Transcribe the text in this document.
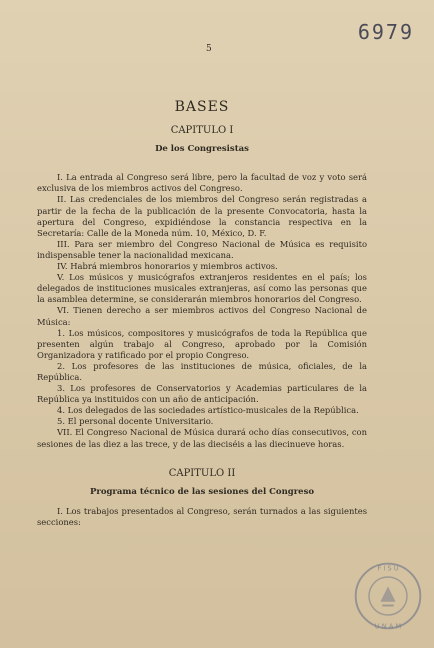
6979
5
BASES
CAPITULO I
De los Congresistas

I. La entrada al Congreso será libre, pero la facultad de voz y voto será exclusiva de los miembros activos del Congreso.

II. Las credenciales de los miembros del Congreso serán registradas a partir de la fecha de la publicación de la presente Convocatoria, hasta la apertura del Congreso, expidiéndose la constancia respectiva en la Secretaría: Calle de la Moneda núm. 10, México, D. F.

III. Para ser miembro del Congreso Nacional de Música es requisito indispensable tener la nacionalidad mexicana.

IV. Habrá miembros honorarios y miembros activos.

V. Los músicos y musicógrafos extranjeros residentes en el país; los delegados de instituciones musicales extranjeras, así como las personas que la asamblea determine, se considerarán miembros honorarios del Congreso.

VI. Tienen derecho a ser miembros activos del Congreso Nacional de Música:

1. Los músicos, compositores y musicógrafos de toda la República que presenten algún trabajo al Congreso, aprobado por la Comisión Organizadora y ratificado por el propio Congreso.

2. Los profesores de las instituciones de música, oficiales, de la República.

3. Los profesores de Conservatorios y Academias particulares de la República ya instituidos con un año de anticipación.

4. Los delegados de las sociedades artístico-musicales de la República.

5. El personal docente Universitario.

VII. El Congreso Nacional de Música durará ocho días consecutivos, con sesiones de las diez a las trece, y de las dieciséis a las diecinueve horas.

CAPITULO II
Programa técnico de las sesiones del Congreso

I. Los trabajos presentados al Congreso, serán turnados a las siguientes secciones:

F I S U
U N A M
